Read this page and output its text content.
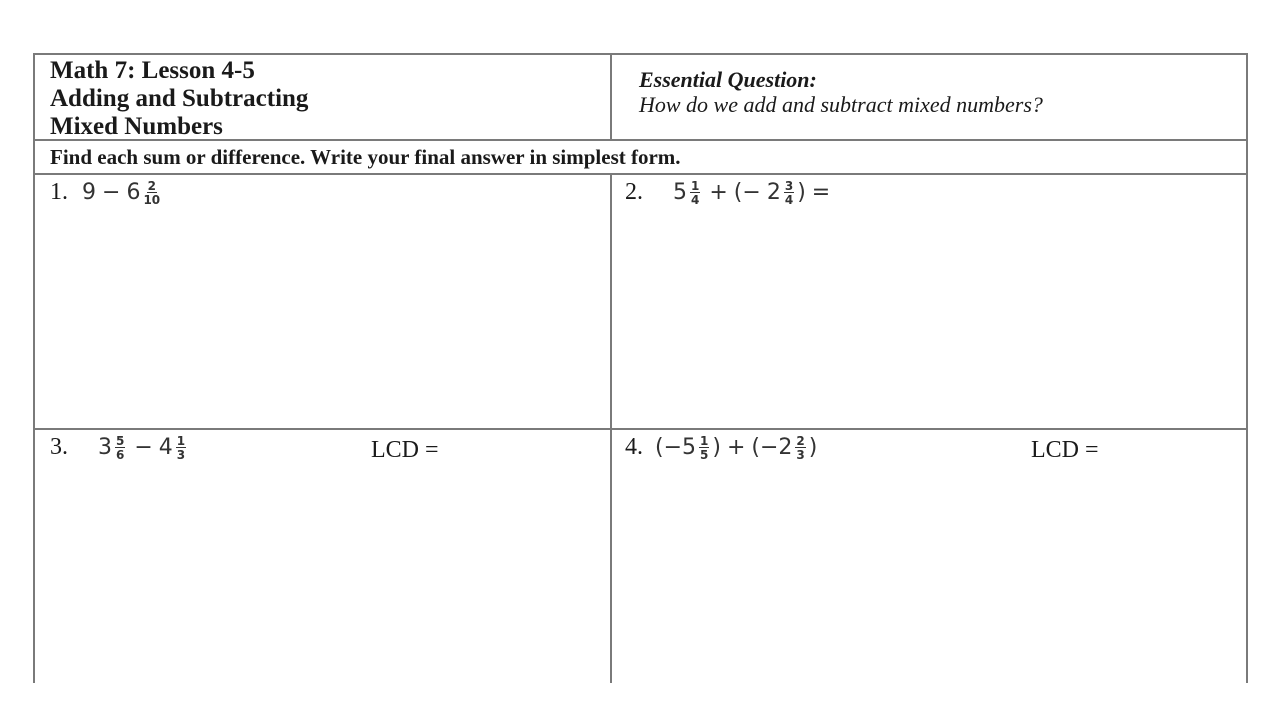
Math 7: Lesson 4-5
Adding and Subtracting
Mixed Numbers
Essential Question:
How do we add and subtract mixed numbers?
Find each sum or difference. Write your final answer in simplest form.
1. $9 - 6 \frac{2}{10}$	2. $5 \frac{1}{4}$ + (− $2 \frac{3}{4}$ ) =
3. $3 \frac{5}{6} - 4 \frac{1}{3}$	LCD =	4. ($-5 \frac{1}{5}$ ) + ($-2 \frac{2}{3}$ )	LCD =
